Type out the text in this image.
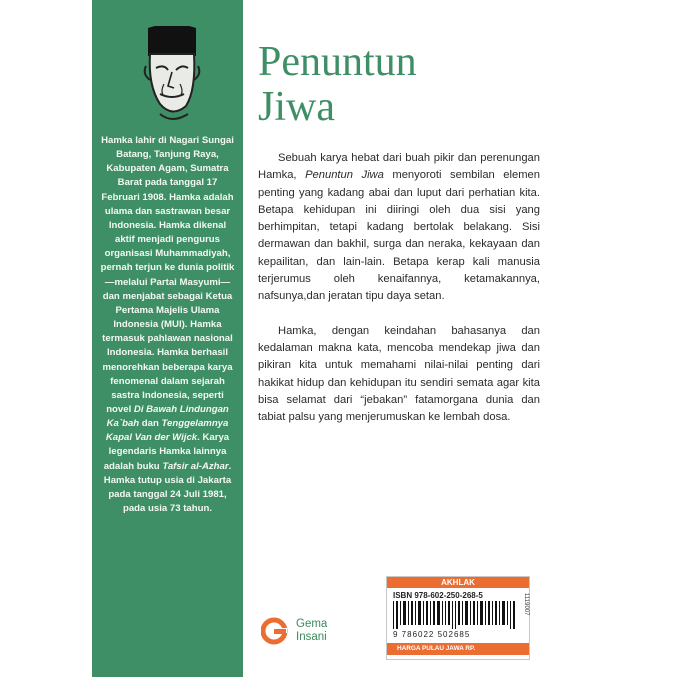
Hamka lahir di Nagari Sungai Batang, Tanjung Raya, Kabupaten Agam, Sumatra Barat pada tanggal 17 Februari 1908. Hamka adalah ulama dan sastrawan besar Indonesia. Hamka dikenal aktif menjadi pengurus organisasi Muhammadiyah, pernah terjun ke dunia politik—melalui Partai Masyumi—dan menjabat sebagai Ketua Pertama Majelis Ulama Indonesia (MUI). Hamka termasuk pahlawan nasional Indonesia. Hamka berhasil menorehkan beberapa karya fenomenal dalam sejarah sastra Indonesia, seperti novel Di Bawah Lindungan Ka`bah dan Tenggelamnya Kapal Van der Wijck. Karya legendaris Hamka lainnya adalah buku Tafsir al-Azhar. Hamka tutup usia di Jakarta pada tanggal 24 Juli 1981, pada usia 73 tahun.
Penuntun
Jiwa

Sebuah karya hebat dari buah pikir dan perenungan Hamka, Penuntun Jiwa menyoroti sembilan elemen penting yang kadang abai dan luput dari perhatian kita. Betapa kehidupan ini diiringi oleh dua sisi yang berhimpitan, tetapi kadang bertolak belakang. Sisi dermawan dan bakhil, surga dan neraka, kekayaan dan kepailitan, dan lain-lain. Betapa kerap kali manusia terjerumus oleh kenaifannya, ketamakannya, nafsunya,dan jeratan tipu daya setan.

Hamka, dengan keindahan bahasanya dan kedalaman makna kata, mencoba mendekap jiwa dan pikiran kita untuk memahami nilai-nilai penting dari hakikat hidup dan kehidupan itu sendiri semata agar kita bisa selamat dari “jebakan” fatamorgana dunia dan tabiat palsu yang menjerumuskan ke lembah dosa.

Gema
Insani
AKHLAK
ISBN 978-602-250-268-5
9 786022 502685
1119007
HARGA PULAU JAWA RP.
